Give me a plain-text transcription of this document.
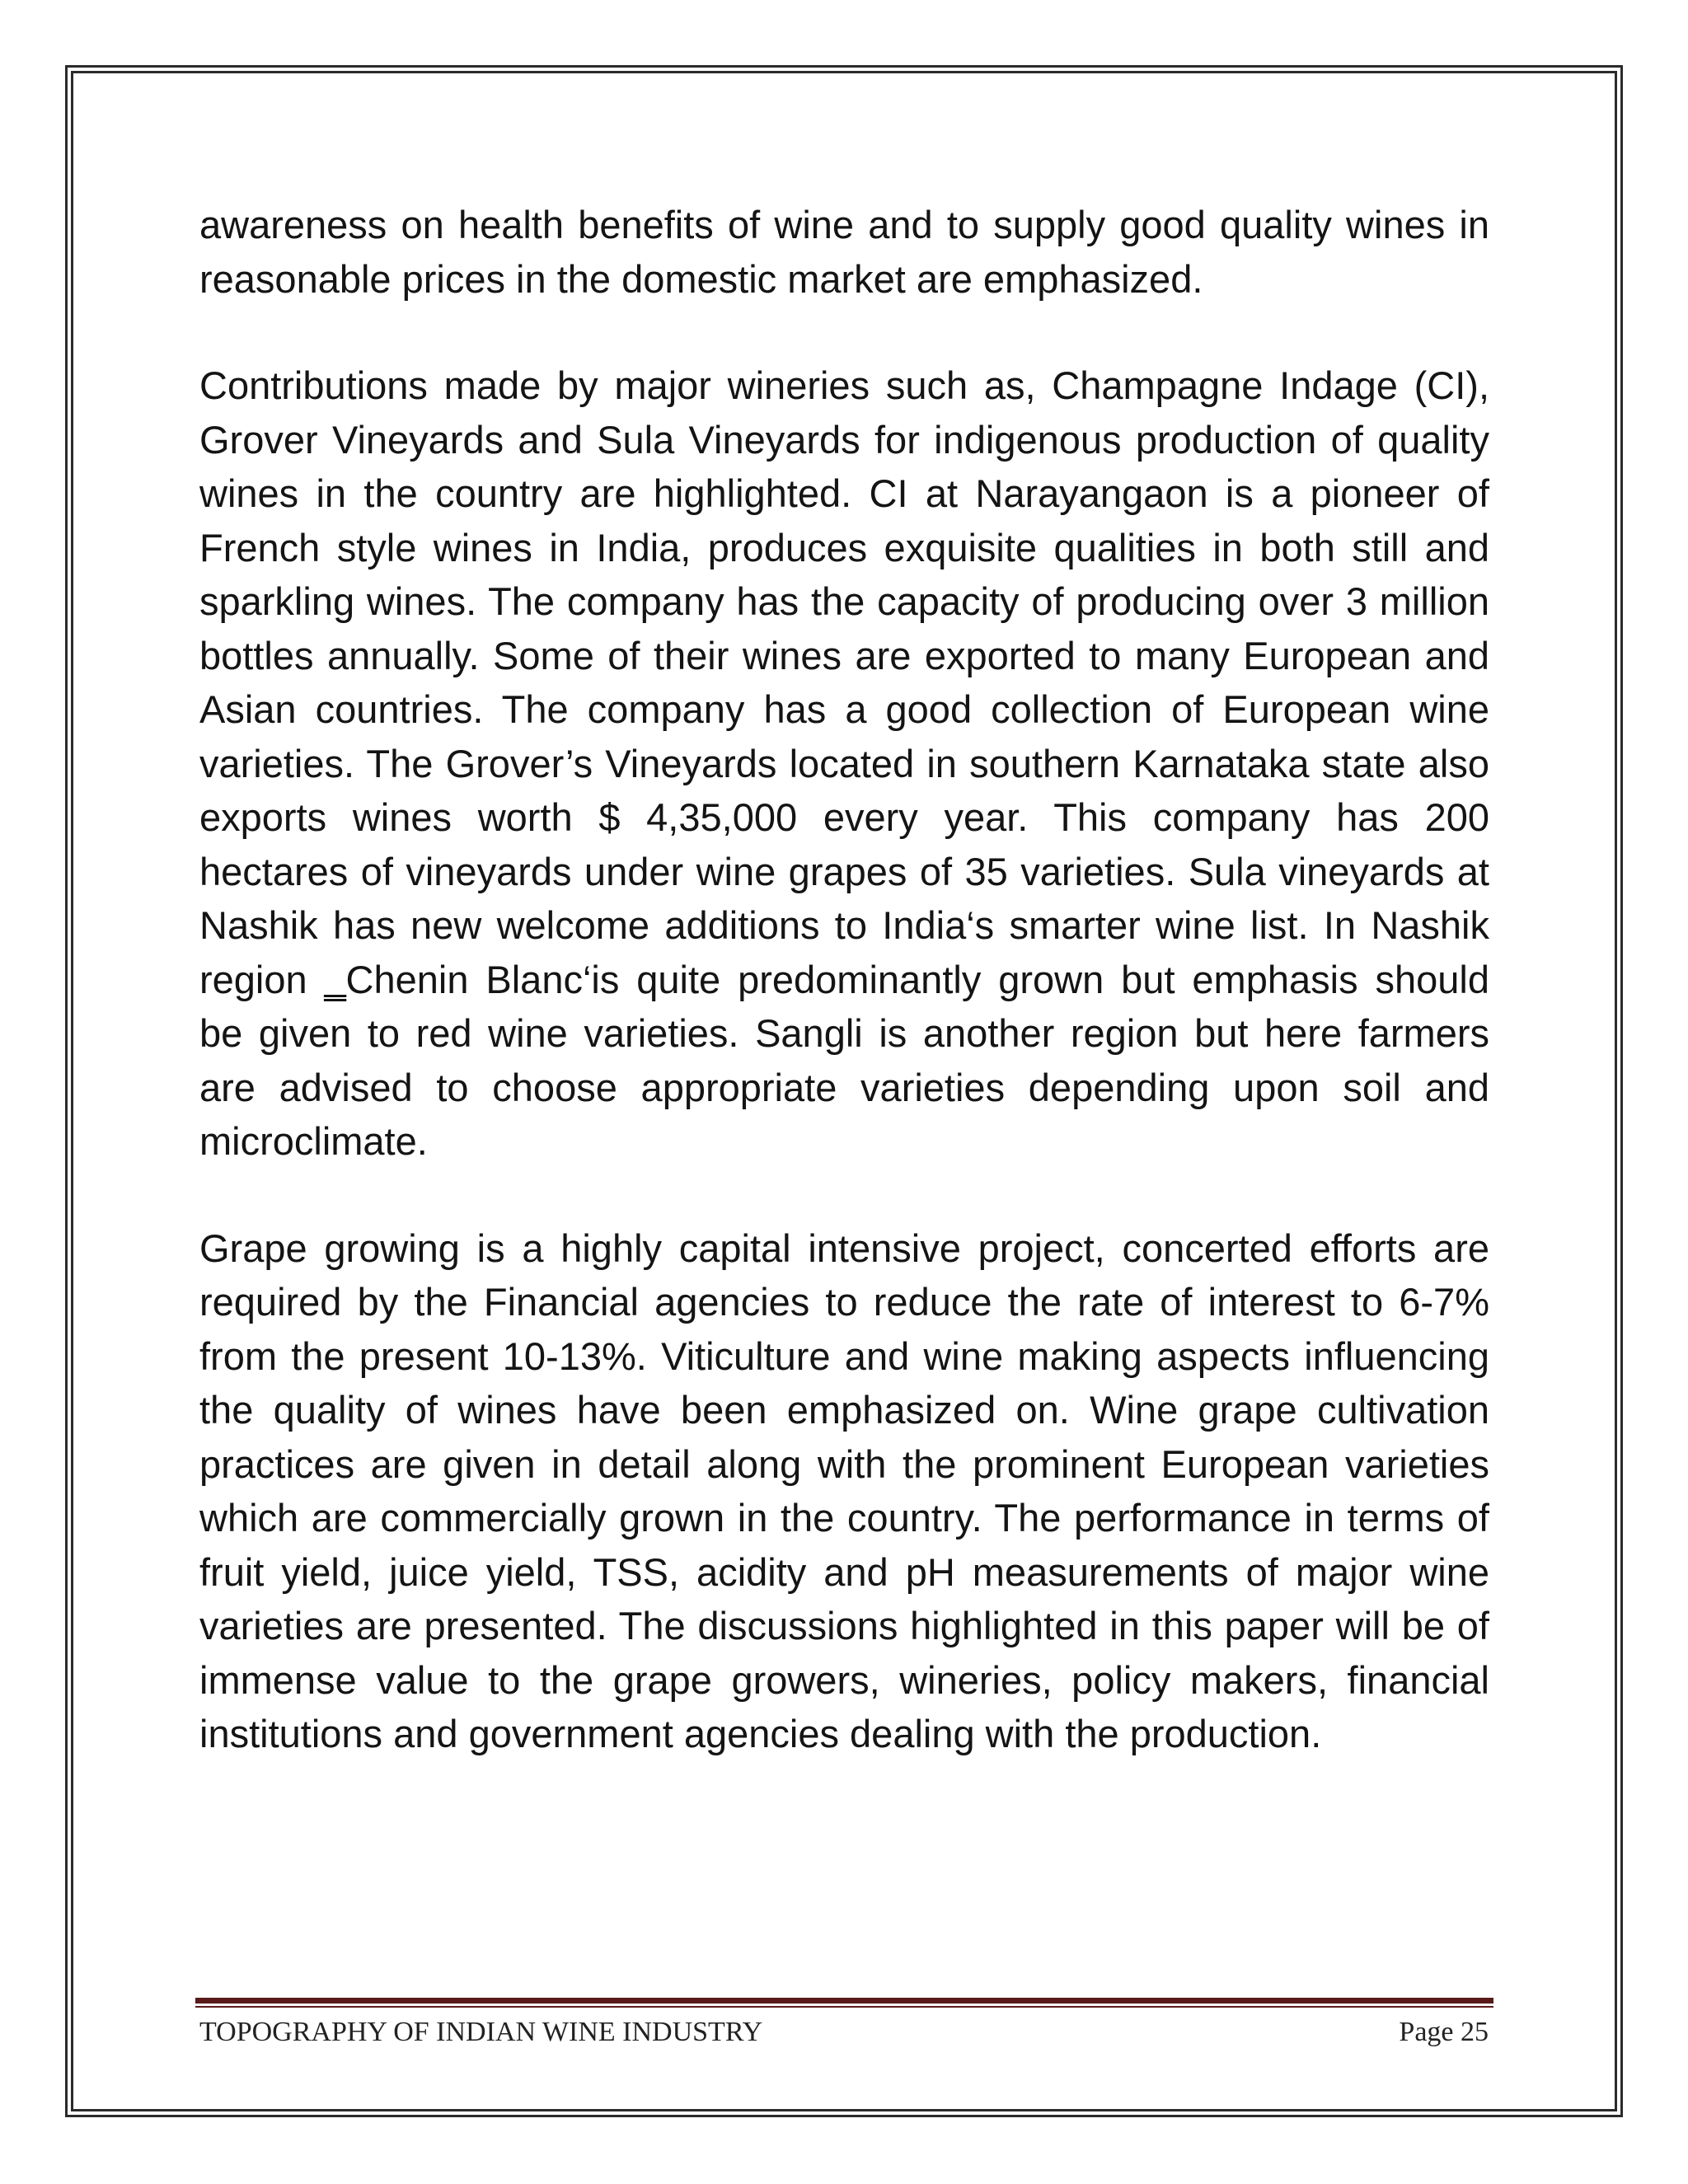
awareness on health benefits of wine and to supply good quality wines in reasonable prices in the domestic market are emphasized.

Contributions made by major wineries such as, Champagne Indage (CI), Grover Vineyards and Sula Vineyards for indigenous production of quality wines in the country are highlighted. CI at Narayangaon is a pioneer of French style wines in India, produces exquisite qualities in both still and sparkling wines. The company has the capacity of producing over 3 million bottles annually. Some of their wines are exported to many European and Asian countries. The company has a good collection of European wine varieties. The Grover’s Vineyards located in southern Karnataka state also exports wines worth $ 4,35,000 every year. This company has 200 hectares of vineyards under wine grapes of 35 varieties. Sula vineyards at Nashik has new welcome additions to India‘s smarter wine list. In Nashik region ‗Chenin Blanc‘is quite predominantly grown but emphasis should be given to red wine varieties. Sangli is another region but here farmers are advised to choose appropriate varieties depending upon soil and microclimate.

Grape growing is a highly capital intensive project, concerted efforts are required by the Financial agencies to reduce the rate of interest to 6-7% from the present 10-13%. Viticulture and wine making aspects influencing the quality of wines have been emphasized on. Wine grape cultivation practices are given in detail along with the prominent European varieties which are commercially grown in the country. The performance in terms of fruit yield, juice yield, TSS, acidity and pH measurements of major wine varieties are presented. The discussions highlighted in this paper will be of immense value to the grape growers, wineries, policy makers, financial institutions and government agencies dealing with the production.

TOPOGRAPHY OF INDIAN WINE INDUSTRY	Page 25
